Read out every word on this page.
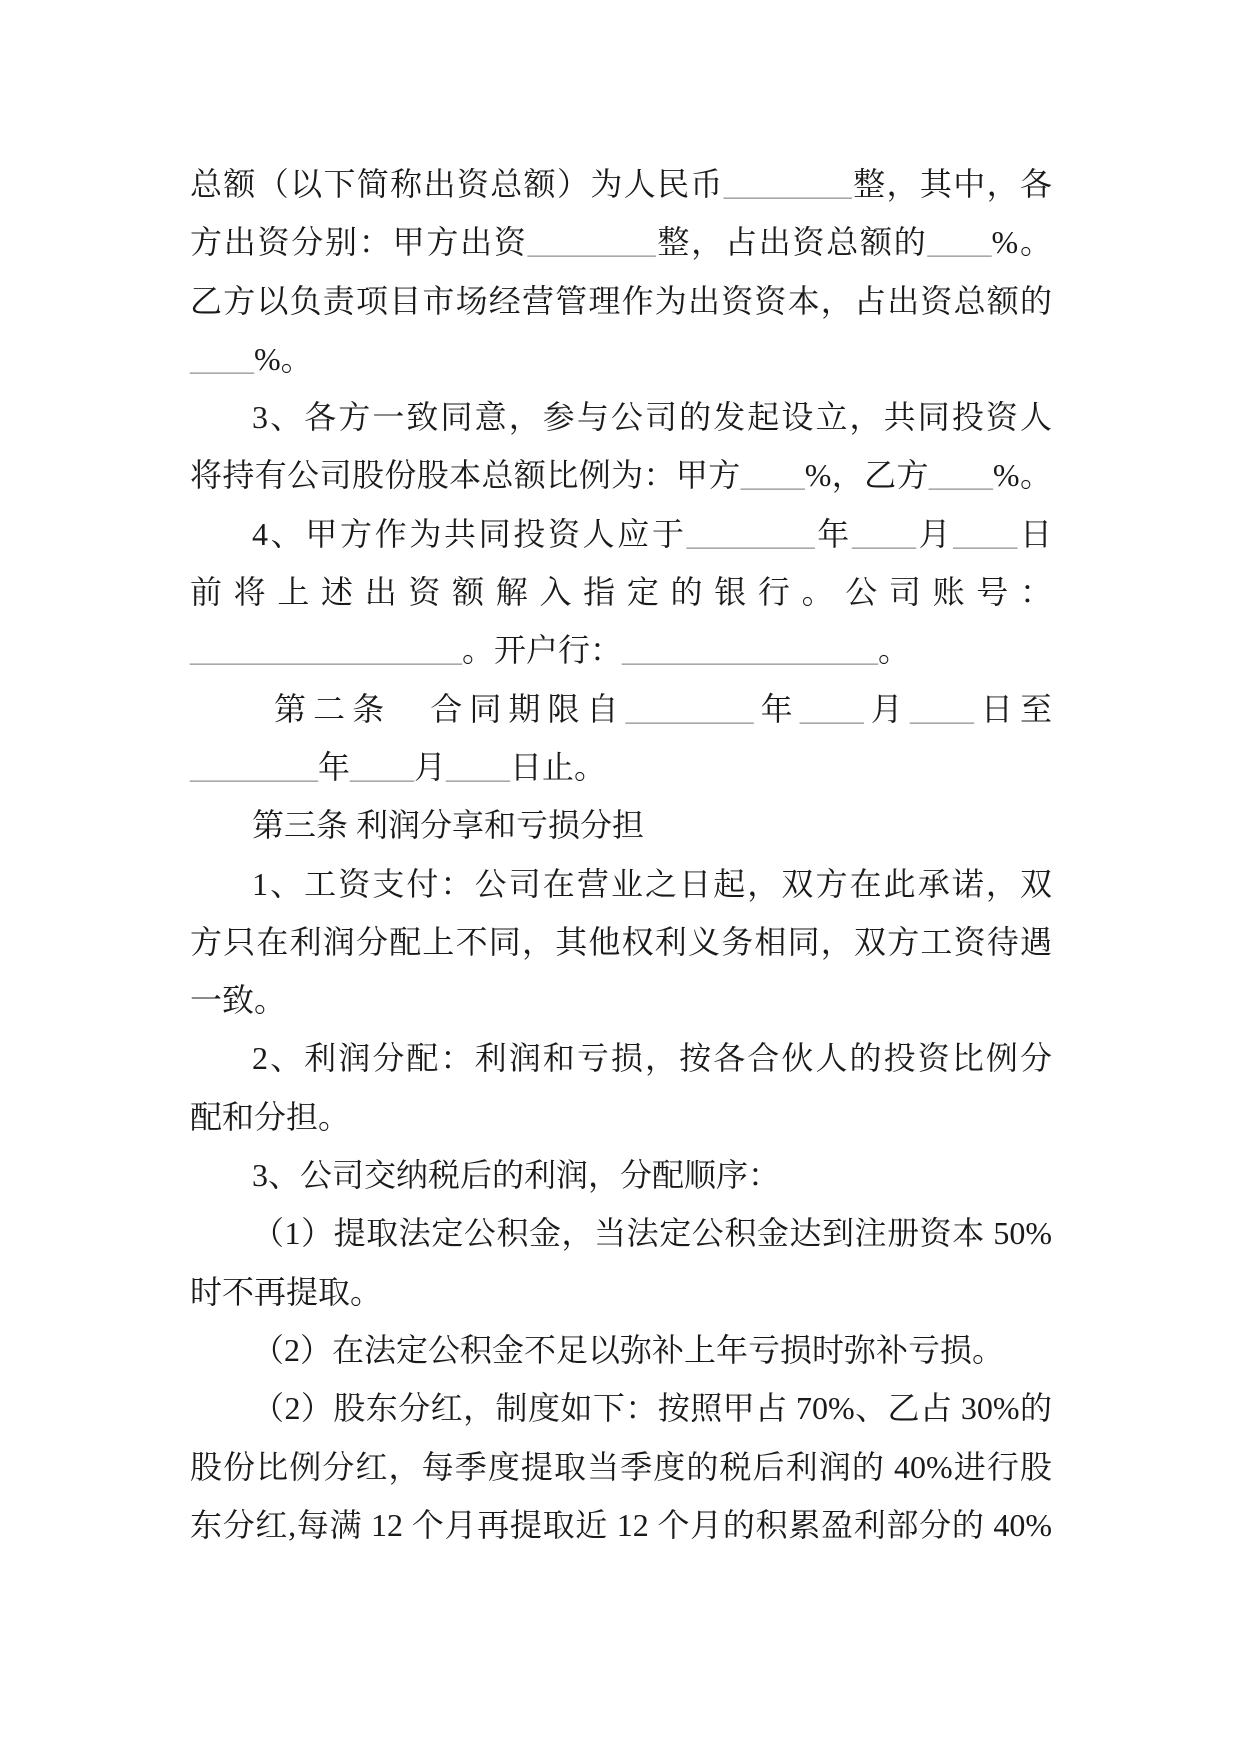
总额（以下简称出资总额）为人民币________整，其中，各
方出资分别：甲方出资________整，占出资总额的____%。
乙方以负责项目市场经营管理作为出资资本，占出资总额的
____%。
3、各方一致同意，参与公司的发起设立，共同投资人
将持有公司股份股本总额比例为：甲方____%，乙方____%。
4、甲方作为共同投资人应于________年____月____日
前将上述出资额解入指定的银行。公司账号：
_________________。开户行：________________。
第二条　合同期限自________年____月____日至
________年____月____日止。
第三条 利润分享和亏损分担
1、工资支付：公司在营业之日起，双方在此承诺，双
方只在利润分配上不同，其他权利义务相同，双方工资待遇
一致。
2、利润分配：利润和亏损，按各合伙人的投资比例分
配和分担。
3、公司交纳税后的利润，分配顺序：
（1）提取法定公积金，当法定公积金达到注册资本 50%
时不再提取。
（2）在法定公积金不足以弥补上年亏损时弥补亏损。
（2）股东分红，制度如下：按照甲占 70%、乙占 30%的
股份比例分红，每季度提取当季度的税后利润的 40%进行股
东分红,每满 12 个月再提取近 12 个月的积累盈利部分的 40%
